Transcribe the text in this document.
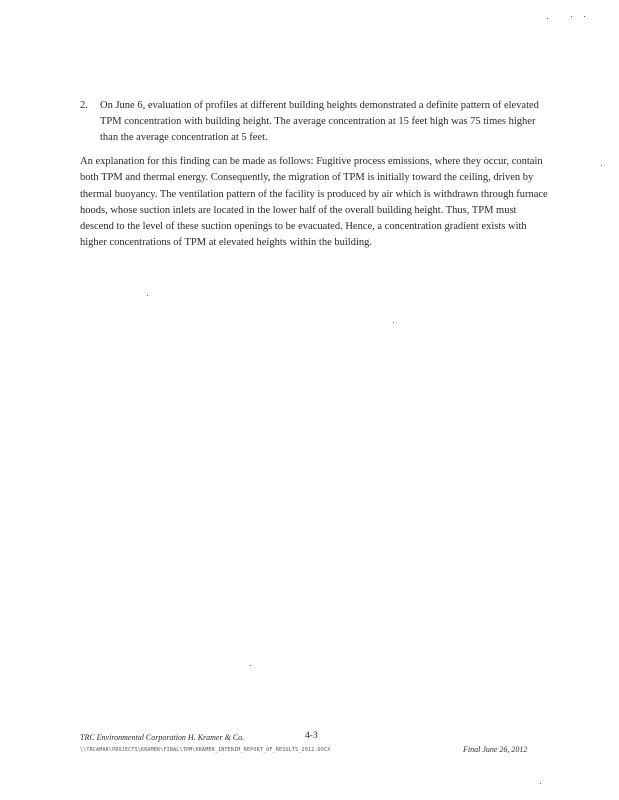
2.	On June 6, evaluation of profiles at different building heights demonstrated a definite pattern of elevated TPM concentration with building height. The average concentration at 15 feet high was 75 times higher than the average concentration at 5 feet.
An explanation for this finding can be made as follows: Fugitive process emissions, where they occur, contain both TPM and thermal energy. Consequently, the migration of TPM is initially toward the ceiling, driven by thermal buoyancy. The ventilation pattern of the facility is produced by air which is withdrawn through furnace hoods, whose suction inlets are located in the lower half of the overall building height. Thus, TPM must descend to the level of these suction openings to be evacuated. Hence, a concentration gradient exists with higher concentrations of TPM at elevated heights within the building.
TRC Environmental Corporation H. Kramer & Co.	4-3
\\TRCAMAR\PROJECTS\KRAMER\FINAL\TPM\KRAMER_INTERIM_REPORT_OF_RESULTS_2012.DOCX	Final June 26, 2012
